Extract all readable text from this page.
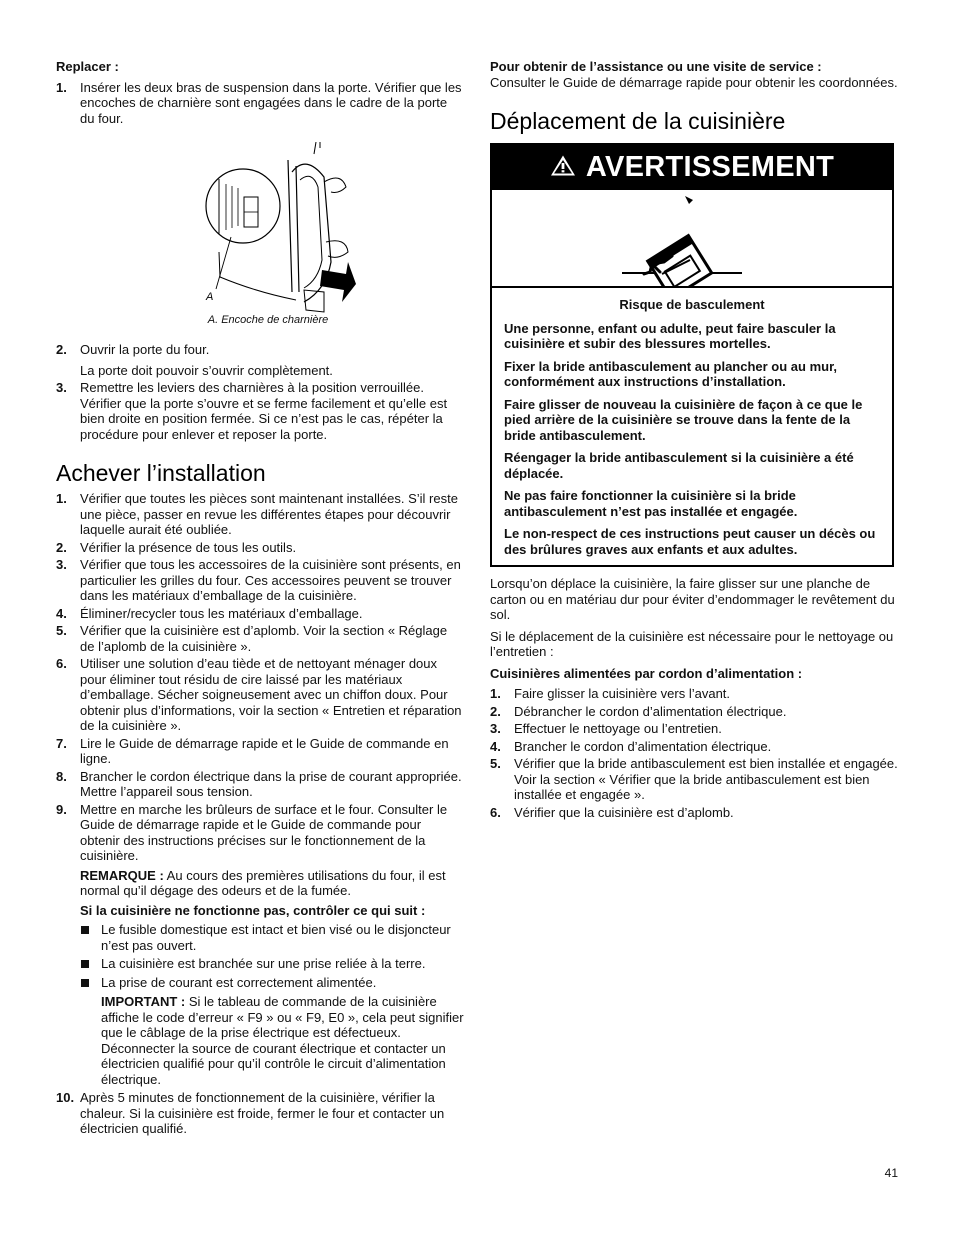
Replacer :

1. Insérer les deux bras de suspension dans la porte. Vérifier que les encoches de charnière sont engagées dans le cadre de la porte du four.
A

A. Encoche de charnière

2. Ouvrir la porte du four.

La porte doit pouvoir s’ouvrir complètement.

3. Remettre les leviers des charnières à la position verrouillée. Vérifier que la porte s’ouvre et se ferme facilement et qu’elle est bien droite en position fermée. Si ce n’est pas le cas, répéter la procédure pour enlever et reposer la porte.
Achever l’installation
1. Vérifier que toutes les pièces sont maintenant installées. S’il reste une pièce, passer en revue les différentes étapes pour découvrir laquelle aurait été oubliée.
2. Vérifier la présence de tous les outils.
3. Vérifier que tous les accessoires de la cuisinière sont présents, en particulier les grilles du four. Ces accessoires peuvent se trouver dans les matériaux d’emballage de la cuisinière.
4. Éliminer/recycler tous les matériaux d’emballage.
5. Vérifier que la cuisinière est d’aplomb. Voir la section « Réglage de l’aplomb de la cuisinière ».
6. Utiliser une solution d’eau tiède et de nettoyant ménager doux pour éliminer tout résidu de cire laissé par les matériaux d’emballage. Sécher soigneusement avec un chiffon doux. Pour obtenir plus d’informations, voir la section « Entretien et réparation de la cuisinière ».
7. Lire le Guide de démarrage rapide et le Guide de commande en ligne.
8. Brancher le cordon électrique dans la prise de courant appropriée. Mettre l’appareil sous tension.
9. Mettre en marche les brûleurs de surface et le four. Consulter le Guide de démarrage rapide et le Guide de commande pour obtenir des instructions précises sur le fonctionnement de la cuisinière.

REMARQUE : Au cours des premières utilisations du four, il est normal qu’il dégage des odeurs et de la fumée.

Si la cuisinière ne fonctionne pas, contrôler ce qui suit :

Le fusible domestique est intact et bien visé ou le disjoncteur n’est pas ouvert.
La cuisinière est branchée sur une prise reliée à la terre.
La prise de courant est correctement alimentée.

IMPORTANT : Si le tableau de commande de la cuisinière affiche le code d’erreur « F9 » ou « F9, E0 », cela peut signifier que le câblage de la prise électrique est défectueux. Déconnecter la source de courant électrique et contacter un électricien qualifié pour qu’il contrôle le circuit d’alimentation électrique.

10. Après 5 minutes de fonctionnement de la cuisinière, vérifier la chaleur. Si la cuisinière est froide, fermer le four et contacter un électricien qualifié.

Pour obtenir de l’assistance ou une visite de service :

Consulter le Guide de démarrage rapide pour obtenir les coordonnées.

Déplacement de la cuisinière
AVERTISSEMENT

Risque de basculement

Une personne, enfant ou adulte, peut faire basculer la cuisinière et subir des blessures mortelles.

Fixer la bride antibasculement au plancher ou au mur, conformément aux instructions d’installation.

Faire glisser de nouveau la cuisinière de façon à ce que le pied arrière de la cuisinière se trouve dans la fente de la bride antibasculement.

Réengager la bride antibasculement si la cuisinière a été déplacée.

Ne pas faire fonctionner la cuisinière si la bride antibasculement n’est pas installée et engagée.

Le non-respect de ces instructions peut causer un décès ou des brûlures graves aux enfants et aux adultes.

Lorsqu’on déplace la cuisinière, la faire glisser sur une planche de carton ou en matériau dur pour éviter d’endommager le revêtement du sol.

Si le déplacement de la cuisinière est nécessaire pour le nettoyage ou l’entretien :

Cuisinières alimentées par cordon d’alimentation :

1. Faire glisser la cuisinière vers l’avant.
2. Débrancher le cordon d’alimentation électrique.
3. Effectuer le nettoyage ou l’entretien.
4. Brancher le cordon d’alimentation électrique.
5. Vérifier que la bride antibasculement est bien installée et engagée. Voir la section « Vérifier que la bride antibasculement est bien installée et engagée ».
6. Vérifier que la cuisinière est d’aplomb.
41
